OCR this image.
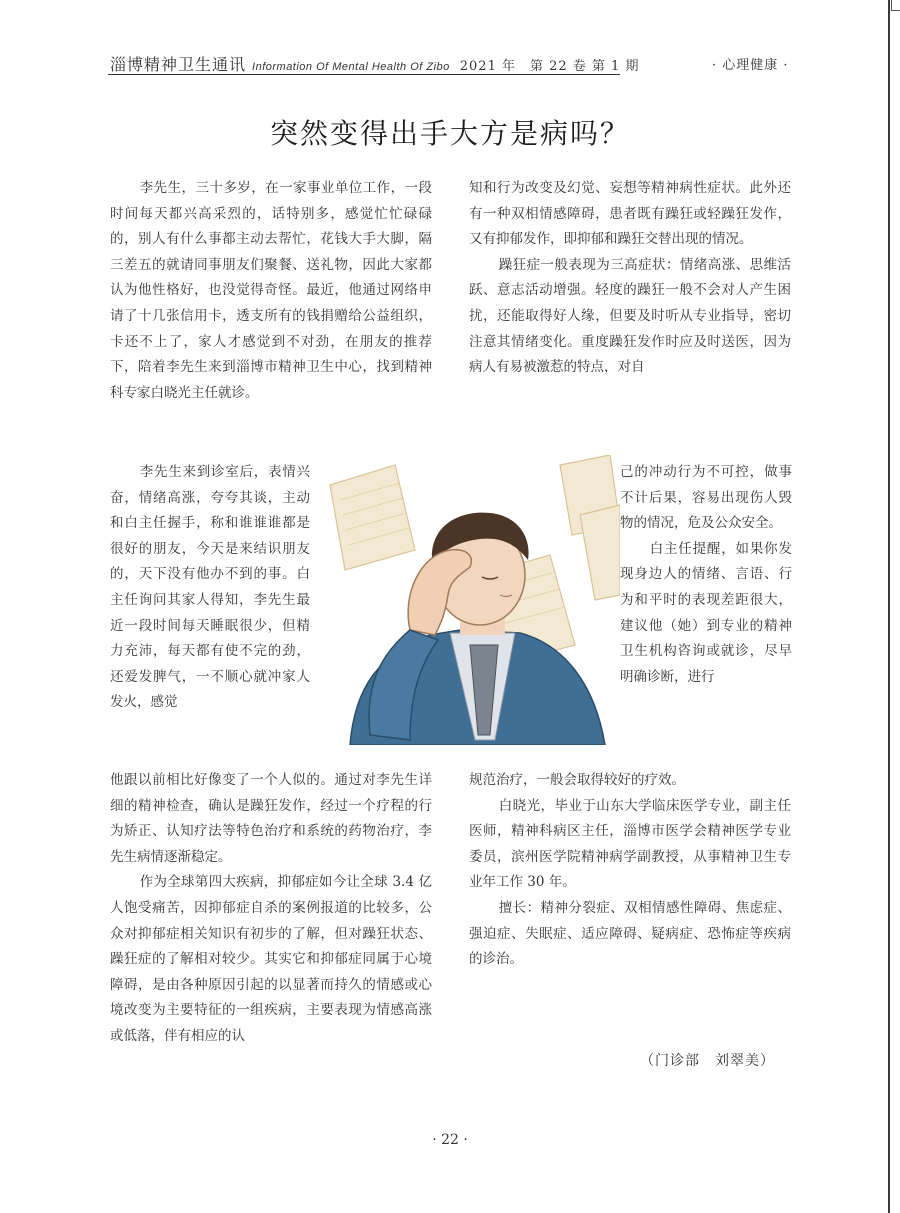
淄博精神卫生通讯 Information Of Mental Health Of Zibo 2021 年　第 22 卷 第 1 期	· 心理健康 ·
突然变得出手大方是病吗？

李先生，三十多岁，在一家事业单位工作，一段时间每天都兴高采烈的，话特别多，感觉忙忙碌碌的，别人有什么事都主动去帮忙，花钱大手大脚，隔三差五的就请同事朋友们聚餐、送礼物，因此大家都认为他性格好，也没觉得奇怪。最近，他通过网络申请了十几张信用卡，透支所有的钱捐赠给公益组织，卡还不上了，家人才感觉到不对劲，在朋友的推荐下，陪着李先生来到淄博市精神卫生中心，找到精神科专家白晓光主任就诊。

李先生来到诊室后，表情兴奋，情绪高涨，夸夸其谈，主动和白主任握手，称和谁谁谁都是很好的朋友，今天是来结识朋友的，天下没有他办不到的事。白主任询问其家人得知，李先生最近一段时间每天睡眠很少，但精力充沛，每天都有使不完的劲，还爱发脾气，一不顺心就冲家人发火，感觉

他跟以前相比好像变了一个人似的。通过对李先生详细的精神检查，确认是躁狂发作，经过一个疗程的行为矫正、认知疗法等特色治疗和系统的药物治疗，李先生病情逐渐稳定。

作为全球第四大疾病，抑郁症如今让全球 3.4 亿人饱受痛苦，因抑郁症自杀的案例报道的比较多，公众对抑郁症相关知识有初步的了解，但对躁狂状态、躁狂症的了解相对较少。其实它和抑郁症同属于心境障碍，是由各种原因引起的以显著而持久的情感或心境改变为主要特征的一组疾病，主要表现为情感高涨或低落，伴有相应的认

知和行为改变及幻觉、妄想等精神病性症状。此外还有一种双相情感障碍，患者既有躁狂或轻躁狂发作，又有抑郁发作，即抑郁和躁狂交替出现的情况。

躁狂症一般表现为三高症状：情绪高涨、思维活跃、意志活动增强。轻度的躁狂一般不会对人产生困扰，还能取得好人缘，但要及时听从专业指导，密切注意其情绪变化。重度躁狂发作时应及时送医，因为病人有易被激惹的特点，对自

己的冲动行为不可控，做事不计后果，容易出现伤人毁物的情况，危及公众安全。

白主任提醒，如果你发现身边人的情绪、言语、行为和平时的表现差距很大，建议他（她）到专业的精神卫生机构咨询或就诊，尽早明确诊断，进行

规范治疗，一般会取得较好的疗效。

白晓光，毕业于山东大学临床医学专业，副主任医师，精神科病区主任，淄博市医学会精神医学专业委员，滨州医学院精神病学副教授，从事精神卫生专业年工作 30 年。

擅长：精神分裂症、双相情感性障碍、焦虑症、强迫症、失眠症、适应障碍、疑病症、恐怖症等疾病的诊治。

（门诊部　刘翠美）
· 22 ·
